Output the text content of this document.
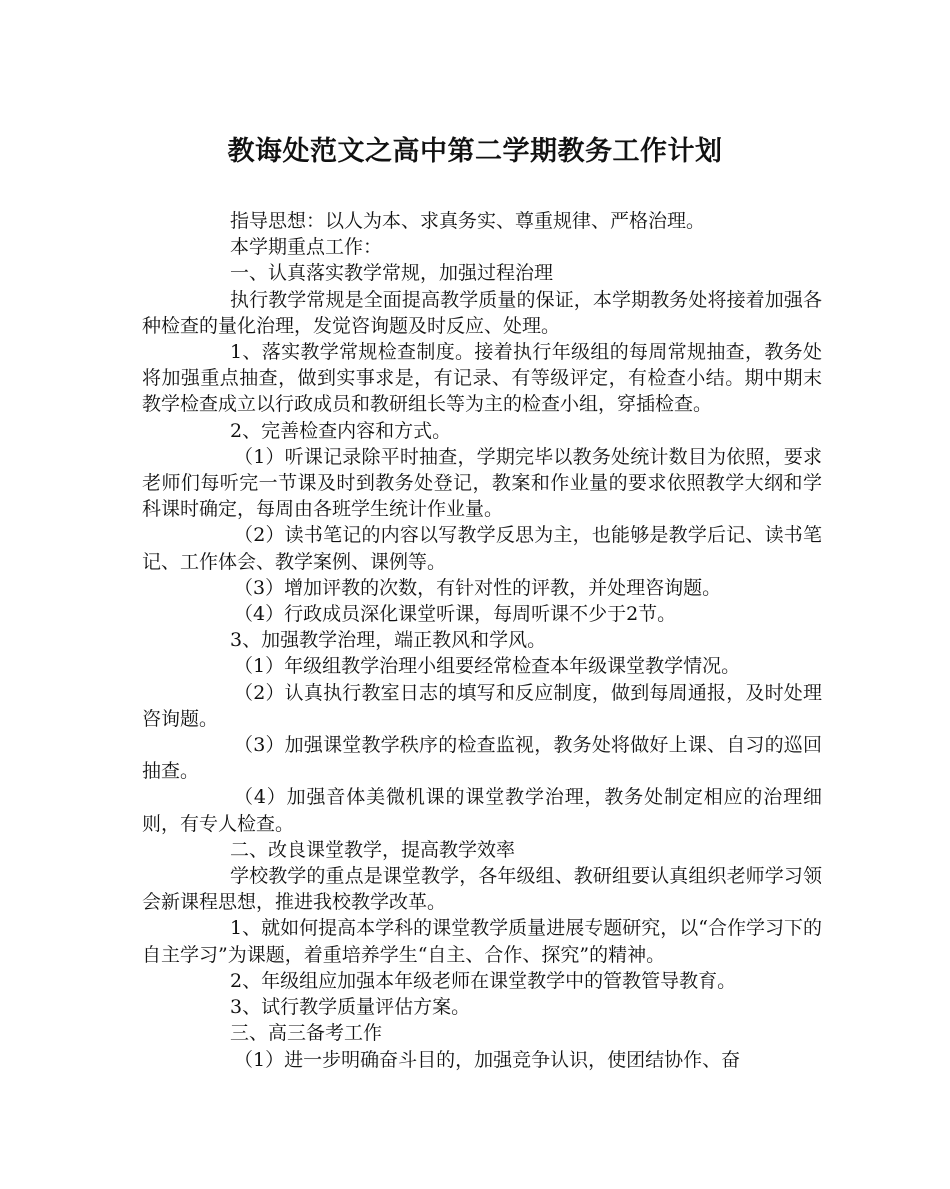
教诲处范文之高中第二学期教务工作计划

指导思想：以人为本、求真务实、尊重规律、严格治理。

本学期重点工作：

一、认真落实教学常规，加强过程治理

执行教学常规是全面提高教学质量的保证，本学期教务处将接着加强各种检查的量化治理，发觉咨询题及时反应、处理。

1、落实教学常规检查制度。接着执行年级组的每周常规抽查，教务处将加强重点抽查，做到实事求是，有记录、有等级评定，有检查小结。期中期末教学检查成立以行政成员和教研组长等为主的检查小组，穿插检查。

2、完善检查内容和方式。

（1）听课记录除平时抽查，学期完毕以教务处统计数目为依照，要求老师们每听完一节课及时到教务处登记，教案和作业量的要求依照教学大纲和学科课时确定，每周由各班学生统计作业量。

（2）读书笔记的内容以写教学反思为主，也能够是教学后记、读书笔记、工作体会、教学案例、课例等。

（3）增加评教的次数，有针对性的评教，并处理咨询题。

（4）行政成员深化课堂听课，每周听课不少于2节。

3、加强教学治理，端正教风和学风。

（1）年级组教学治理小组要经常检查本年级课堂教学情况。

（2）认真执行教室日志的填写和反应制度，做到每周通报，及时处理咨询题。

（3）加强课堂教学秩序的检查监视，教务处将做好上课、自习的巡回抽查。

（4）加强音体美微机课的课堂教学治理，教务处制定相应的治理细则，有专人检查。

二、改良课堂教学，提高教学效率

学校教学的重点是课堂教学，各年级组、教研组要认真组织老师学习领会新课程思想，推进我校教学改革。

1、就如何提高本学科的课堂教学质量进展专题研究，以“合作学习下的自主学习”为课题，着重培养学生“自主、合作、探究”的精神。

2、年级组应加强本年级老师在课堂教学中的管教管导教育。

3、试行教学质量评估方案。

三、高三备考工作

（1）进一步明确奋斗目的，加强竞争认识，使团结协作、奋
